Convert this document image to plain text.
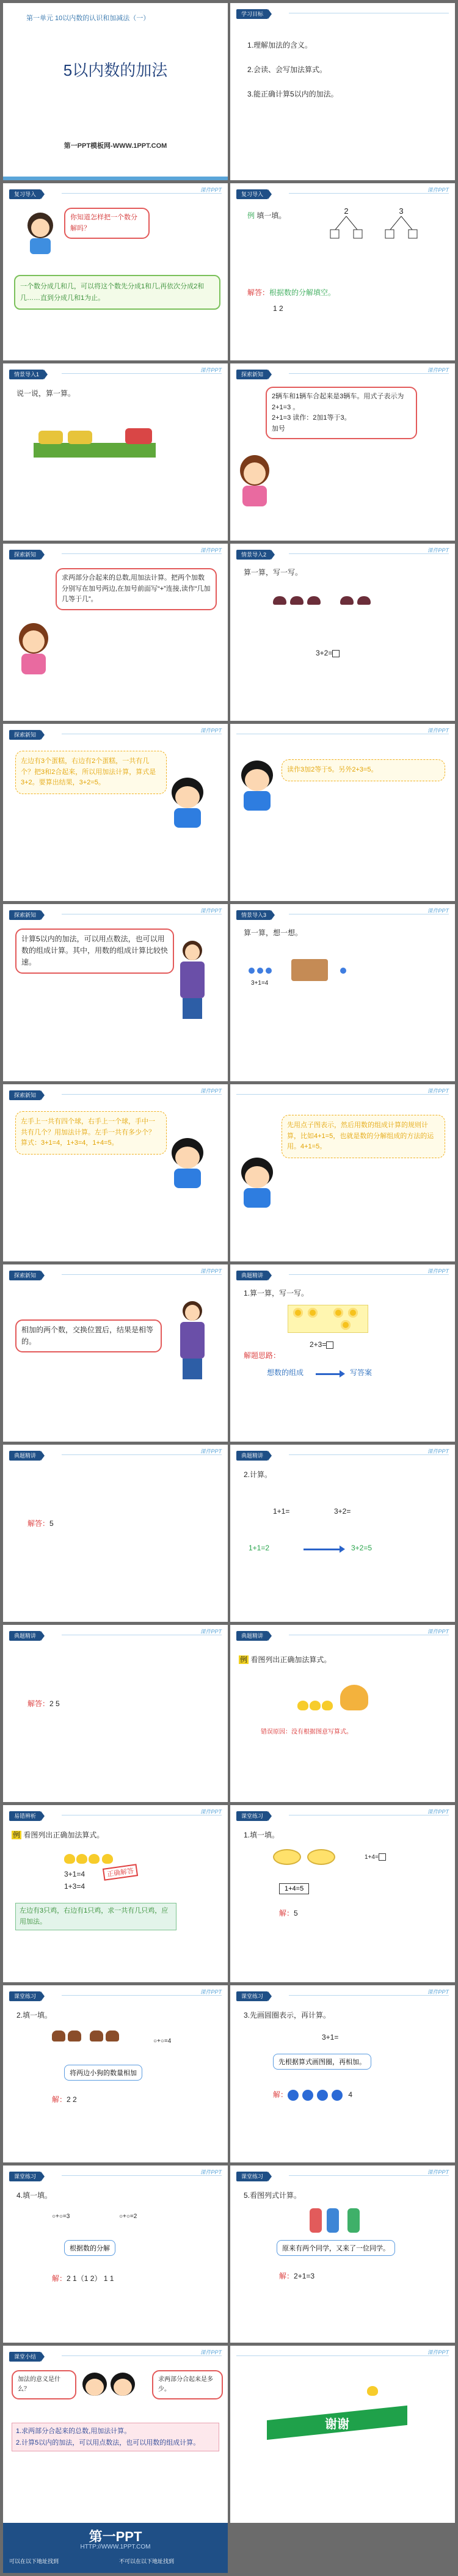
第一单元 10以内数的认识和加减法（一）
5以内数的加法
第一PPT模板网-WWW.1PPT.COM
学习目标
1.理解加法的含义。
2.会读、会写加法算式。
3.能正确计算5以内的加法。
课件PPT
复习导入
你知道怎样把一个数分解吗？
一个数分成几和几，可以将这个数先分成1和几,再依次分成2和几……直到分成几和1为止。
课件PPT
复习导入
例 填一填。	2	3
解答：根据数的分解填空。
1 2
课件PPT
情景导入1
说一说，算一算。
课件PPT
探索新知
2辆车和1辆车合起来是3辆车。用式子表示为2+1=3 。
2+1=3 读作：2加1等于3。
加号
课件PPT
探索新知
求两部分合起来的总数,用加法计算。把两个加数分别写在加号两边,在加号前面写“+”连接,读作“几加几等于几”。
课件PPT
情景导入2
算一算，写一写。
3+2=
课件PPT
探索新知
左边有3个蛋糕，右边有2个蛋糕，一共有几个？把3和2合起来，所以用加法计算，算式是3+2。要算出结果，3+2=5。
课件PPT
读作3加2等于5。另外2+3=5。
课件PPT
探索新知
计算5以内的加法，可以用点数法，也可以用数的组成计算。其中，用数的组成计算比较快速。
课件PPT
情景导入3
算一算，想一想。
3+1=4
课件PPT
探索新知
左手上一共有四个球，右手上一个球，手中一共有几个？用加法计算。左手一共有多少个？算式：3+1=4，1+3=4，1+4=5。
课件PPT
先用点子图表示，然后用数的组成计算的规则计算，比如4+1=5，也就是数的分解组成的方法的运用。4+1=5。
课件PPT
探索新知
相加的两个数，交换位置后，结果是相等的。
课件PPT
典题精讲
1.算一算，写一写。
2+3=
解题思路：
想数的组成	写答案
课件PPT
典题精讲
解答：5
课件PPT
典题精讲
2.计算。
1+1=	3+2=
1+1=2	3+2=5
课件PPT
典题精讲
解答：2 5
课件PPT
典题精讲
例 看图列出正确加法算式。
错误原因：没有根据图意写算式。
课件PPT
易错辨析
例 看图列出正确加法算式。
3+1=4	正确解答
1+3=4
左边有3只鸡，右边有1只鸡，求一共有几只鸡，应用加法。
课件PPT
课堂练习
1.填一填。
1+4=
1+4=5
解：5
课件PPT
课堂练习
2.填一填。
○+○=4
将两边小狗的数量相加
解：2 2
课件PPT
课堂练习
3.先画圆圈表示，再计算。
3+1=
先根据算式画图圈，再相加。
解：	4
课件PPT
课堂练习
4.填一填。
○+○=3	○+○=2
根据数的分解
解：2 1（1 2） 1 1
课件PPT
课堂练习
5.看图列式计算。
原来有两个同学，又来了一位同学。
解：2+1=3
课件PPT
课堂小结
加法的意义是什么？
求两部分合起来是多少。
1.求两部分合起来的总数,用加法计算。
2.计算5以内的加法，可以用点数法，也可以用数的组成计算。
课件PPT
谢谢
第一PPT
HTTP://WWW.1PPT.COM
可以在以下地址找到	不可以在以下地址找到
